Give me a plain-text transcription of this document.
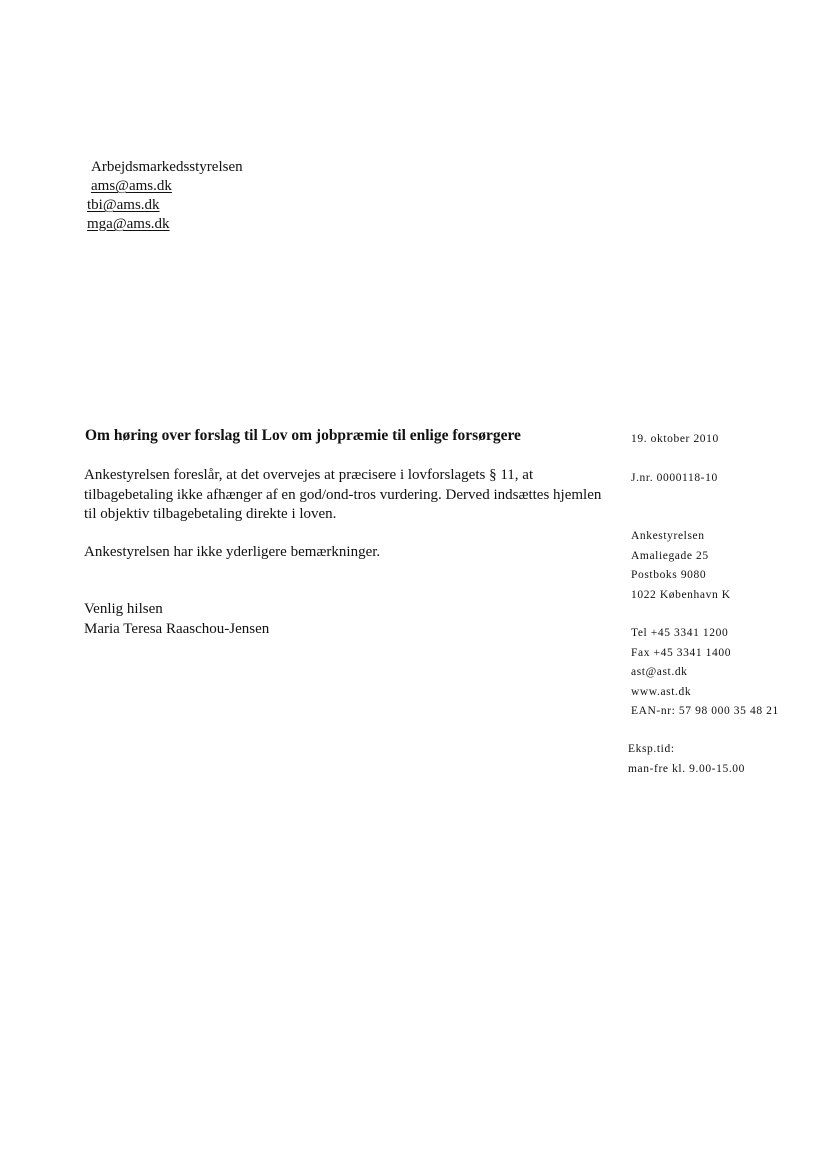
Arbejdsmarkedsstyrelsen
ams@ams.dk
tbi@ams.dk
mga@ams.dk
Om høring over forslag til Lov om jobpræmie til enlige forsørgere
Ankestyrelsen foreslår, at det overvejes at præcisere i lovforslagets § 11, at
tilbagebetaling ikke afhænger af en god/ond-tros vurdering. Derved indsættes hjemlen
til objektiv tilbagebetaling direkte i loven.
Ankestyrelsen har ikke yderligere bemærkninger.
Venlig hilsen
Maria Teresa Raaschou-Jensen
19. oktober 2010
J.nr. 0000118-10
Ankestyrelsen
Amaliegade 25
Postboks 9080
1022 København K
Tel +45 3341 1200
Fax +45 3341 1400
ast@ast.dk
www.ast.dk
EAN-nr: 57 98 000 35 48 21
Eksp.tid:
man-fre kl. 9.00-15.00
